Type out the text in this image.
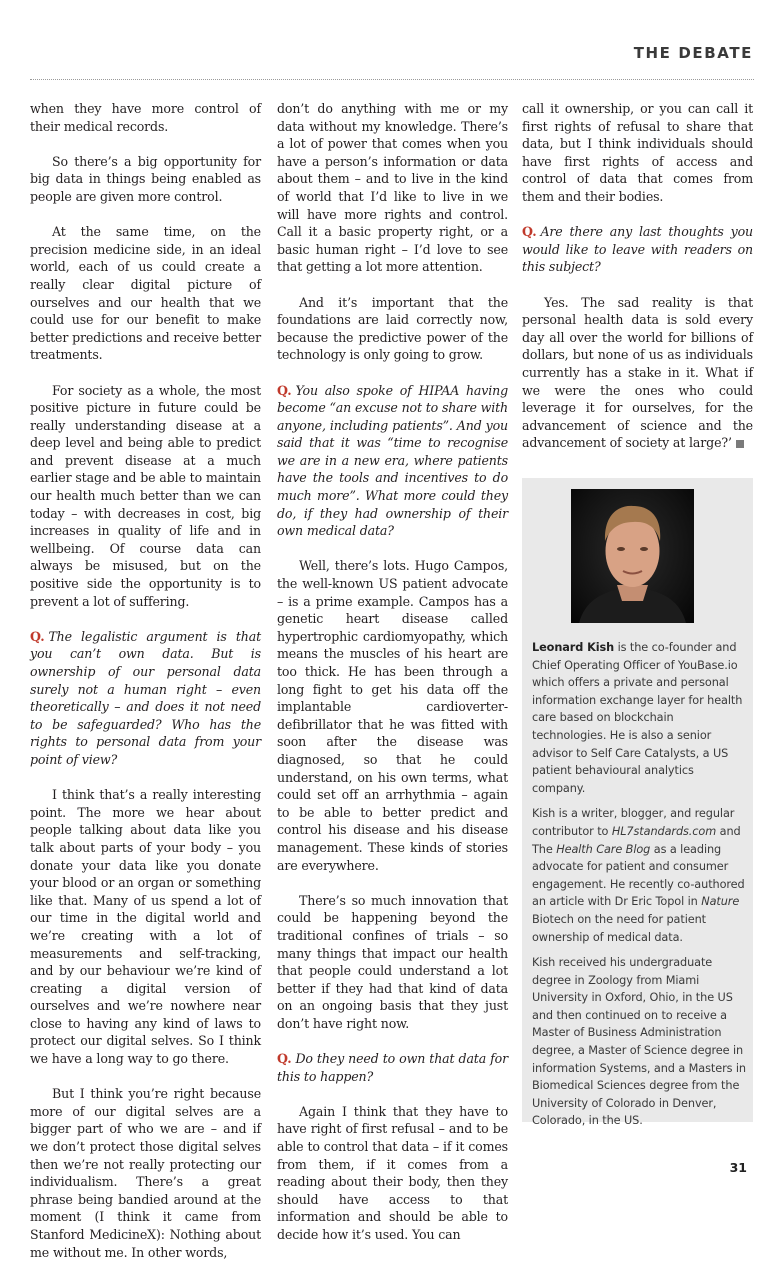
THE DEBATE

when they have more control of their medical records.

So there’s a big opportunity for big data in things being enabled as people are given more control.

At the same time, on the precision medicine side, in an ideal world, each of us could create a really clear digital picture of ourselves and our health that we could use for our benefit to make better predictions and receive better treatments.

For society as a whole, the most positive picture in future could be really understanding disease at a deep level and being able to predict and prevent disease at a much earlier stage and be able to maintain our health much better than we can today – with decreases in cost, big increases in quality of life and in wellbeing. Of course data can always be misused, but on the positive side the opportunity is to prevent a lot of suffering.

Q. The legalistic argument is that you can’t own data. But is ownership of our personal data surely not a human right – even theoretically – and does it not need to be safeguarded? Who has the rights to personal data from your point of view?

I think that’s a really interesting point. The more we hear about people talking about data like you talk about parts of your body – you donate your data like you donate your blood or an organ or something like that. Many of us spend a lot of our time in the digital world and we’re creating with a lot of measurements and self-tracking, and by our behaviour we’re kind of creating a digital version of ourselves and we’re nowhere near close to having any kind of laws to protect our digital selves. So I think we have a long way to go there.

But I think you’re right because more of our digital selves are a bigger part of who we are – and if we don’t protect those digital selves then we’re not really protecting our individualism. There’s a great phrase being bandied around at the moment (I think it came from Stanford MedicineX): Nothing about me without me. In other words,

don’t do anything with me or my data without my knowledge. There’s a lot of power that comes when you have a person’s information or data about them – and to live in the kind of world that I’d like to live in we will have more rights and control. Call it a basic property right, or a basic human right – I’d love to see that getting a lot more attention.

And it’s important that the foundations are laid correctly now, because the predictive power of the technology is only going to grow.

Q. You also spoke of HIPAA having become “an excuse not to share with anyone, including patients”. And you said that it was “time to recognise we are in a new era, where patients have the tools and incentives to do much more”. What more could they do, if they had ownership of their own medical data?

Well, there’s lots. Hugo Campos, the well-known US patient advocate – is a prime example. Campos has a genetic heart disease called hypertrophic cardiomyopathy, which means the muscles of his heart are too thick. He has been through a long fight to get his data off the implantable cardioverter-defibrillator that he was fitted with soon after the disease was diagnosed, so that he could understand, on his own terms, what could set off an arrhythmia – again to be able to better predict and control his disease and his disease management. These kinds of stories are everywhere.

There’s so much innovation that could be happening beyond the traditional confines of trials – so many things that impact our health that people could understand a lot better if they had that kind of data on an ongoing basis that they just don’t have right now.

Q. Do they need to own that data for this to happen?

Again I think that they have to have right of first refusal – and to be able to control that data – if it comes from them, if it comes from a reading about their body, then they should have access to that information and should be able to decide how it’s used. You can

call it ownership, or you can call it first rights of refusal to share that data, but I think individuals should have first rights of access and control of data that comes from them and their bodies.

Q. Are there any last thoughts you would like to leave with readers on this subject?

Yes. The sad reality is that personal health data is sold every day all over the world for billions of dollars, but none of us as individuals currently has a stake in it. What if we were the ones who could leverage it for ourselves, for the advancement of science and the advancement of society at large?’

Leonard Kish is the co-founder and Chief Operating Officer of YouBase.io which offers a private and personal information exchange layer for health care based on blockchain technologies. He is also a senior advisor to Self Care Catalysts, a US patient behavioural analytics company.

Kish is a writer, blogger, and regular contributor to HL7standards.com and The Health Care Blog as a leading advocate for patient and consumer engagement. He recently co-authored an article with Dr Eric Topol in Nature Biotech on the need for patient ownership of medical data.

Kish received his undergraduate degree in Zoology from Miami University in Oxford, Ohio, in the US and then continued on to receive a Master of Business Administration degree, a Master of Science degree in information Systems, and a Masters in Biomedical Sciences degree from the University of Colorado in Denver, Colorado, in the US.

31
